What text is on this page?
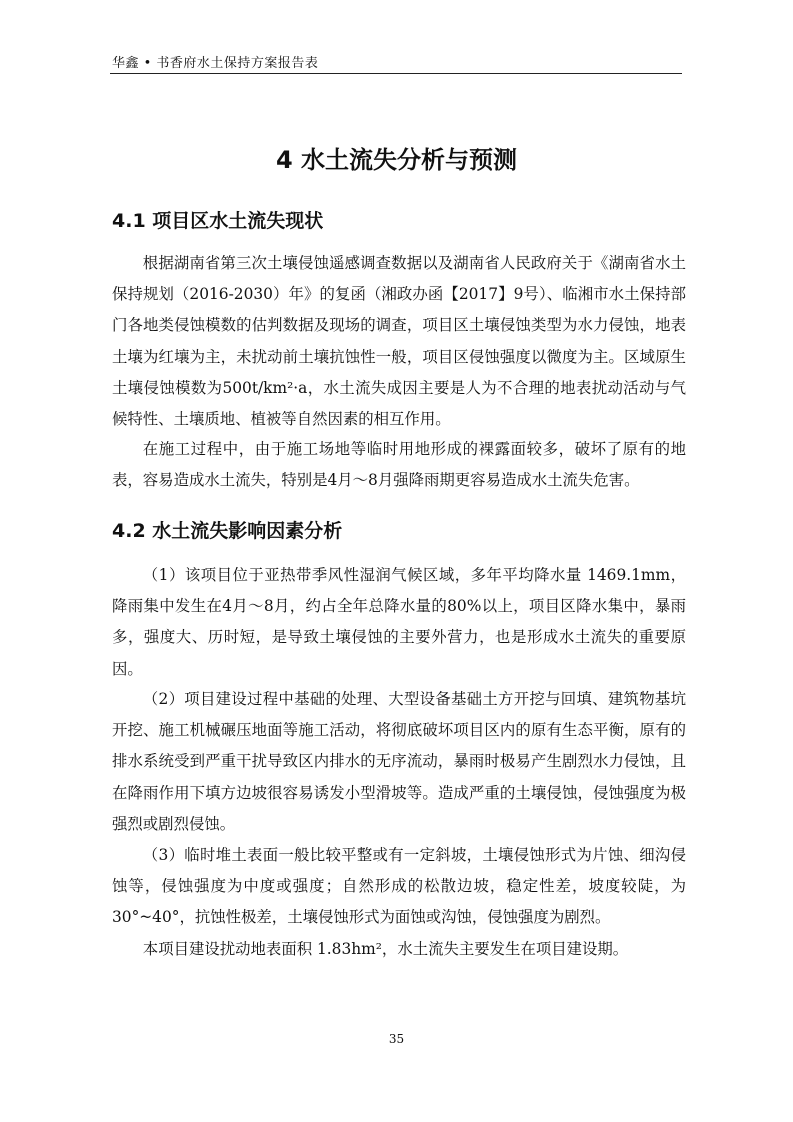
华鑫 • 书香府水土保持方案报告表
4 水土流失分析与预测
4.1 项目区水土流失现状

根据湖南省第三次土壤侵蚀遥感调查数据以及湖南省人民政府关于《湖南省水土保持规划（2016-2030）年》的复函（湘政办函【2017】9号）、临湘市水土保持部门各地类侵蚀模数的估判数据及现场的调查，项目区土壤侵蚀类型为水力侵蚀，地表土壤为红壤为主，未扰动前土壤抗蚀性一般，项目区侵蚀强度以微度为主。区域原生土壤侵蚀模数为500t/km²·a，水土流失成因主要是人为不合理的地表扰动活动与气候特性、土壤质地、植被等自然因素的相互作用。

在施工过程中，由于施工场地等临时用地形成的裸露面较多，破坏了原有的地表，容易造成水土流失，特别是4月～8月强降雨期更容易造成水土流失危害。

4.2 水土流失影响因素分析

（1）该项目位于亚热带季风性湿润气候区域，多年平均降水量 1469.1mm，降雨集中发生在4月～8月，约占全年总降水量的80%以上，项目区降水集中，暴雨多，强度大、历时短，是导致土壤侵蚀的主要外营力，也是形成水土流失的重要原因。

（2）项目建设过程中基础的处理、大型设备基础土方开挖与回填、建筑物基坑开挖、施工机械碾压地面等施工活动，将彻底破坏项目区内的原有生态平衡，原有的排水系统受到严重干扰导致区内排水的无序流动，暴雨时极易产生剧烈水力侵蚀，且在降雨作用下填方边坡很容易诱发小型滑坡等。造成严重的土壤侵蚀，侵蚀强度为极强烈或剧烈侵蚀。

（3）临时堆土表面一般比较平整或有一定斜坡，土壤侵蚀形式为片蚀、细沟侵蚀等，侵蚀强度为中度或强度；自然形成的松散边坡，稳定性差，坡度较陡，为30°~40°，抗蚀性极差，土壤侵蚀形式为面蚀或沟蚀，侵蚀强度为剧烈。

本项目建设扰动地表面积 1.83hm²，水土流失主要发生在项目建设期。

35
